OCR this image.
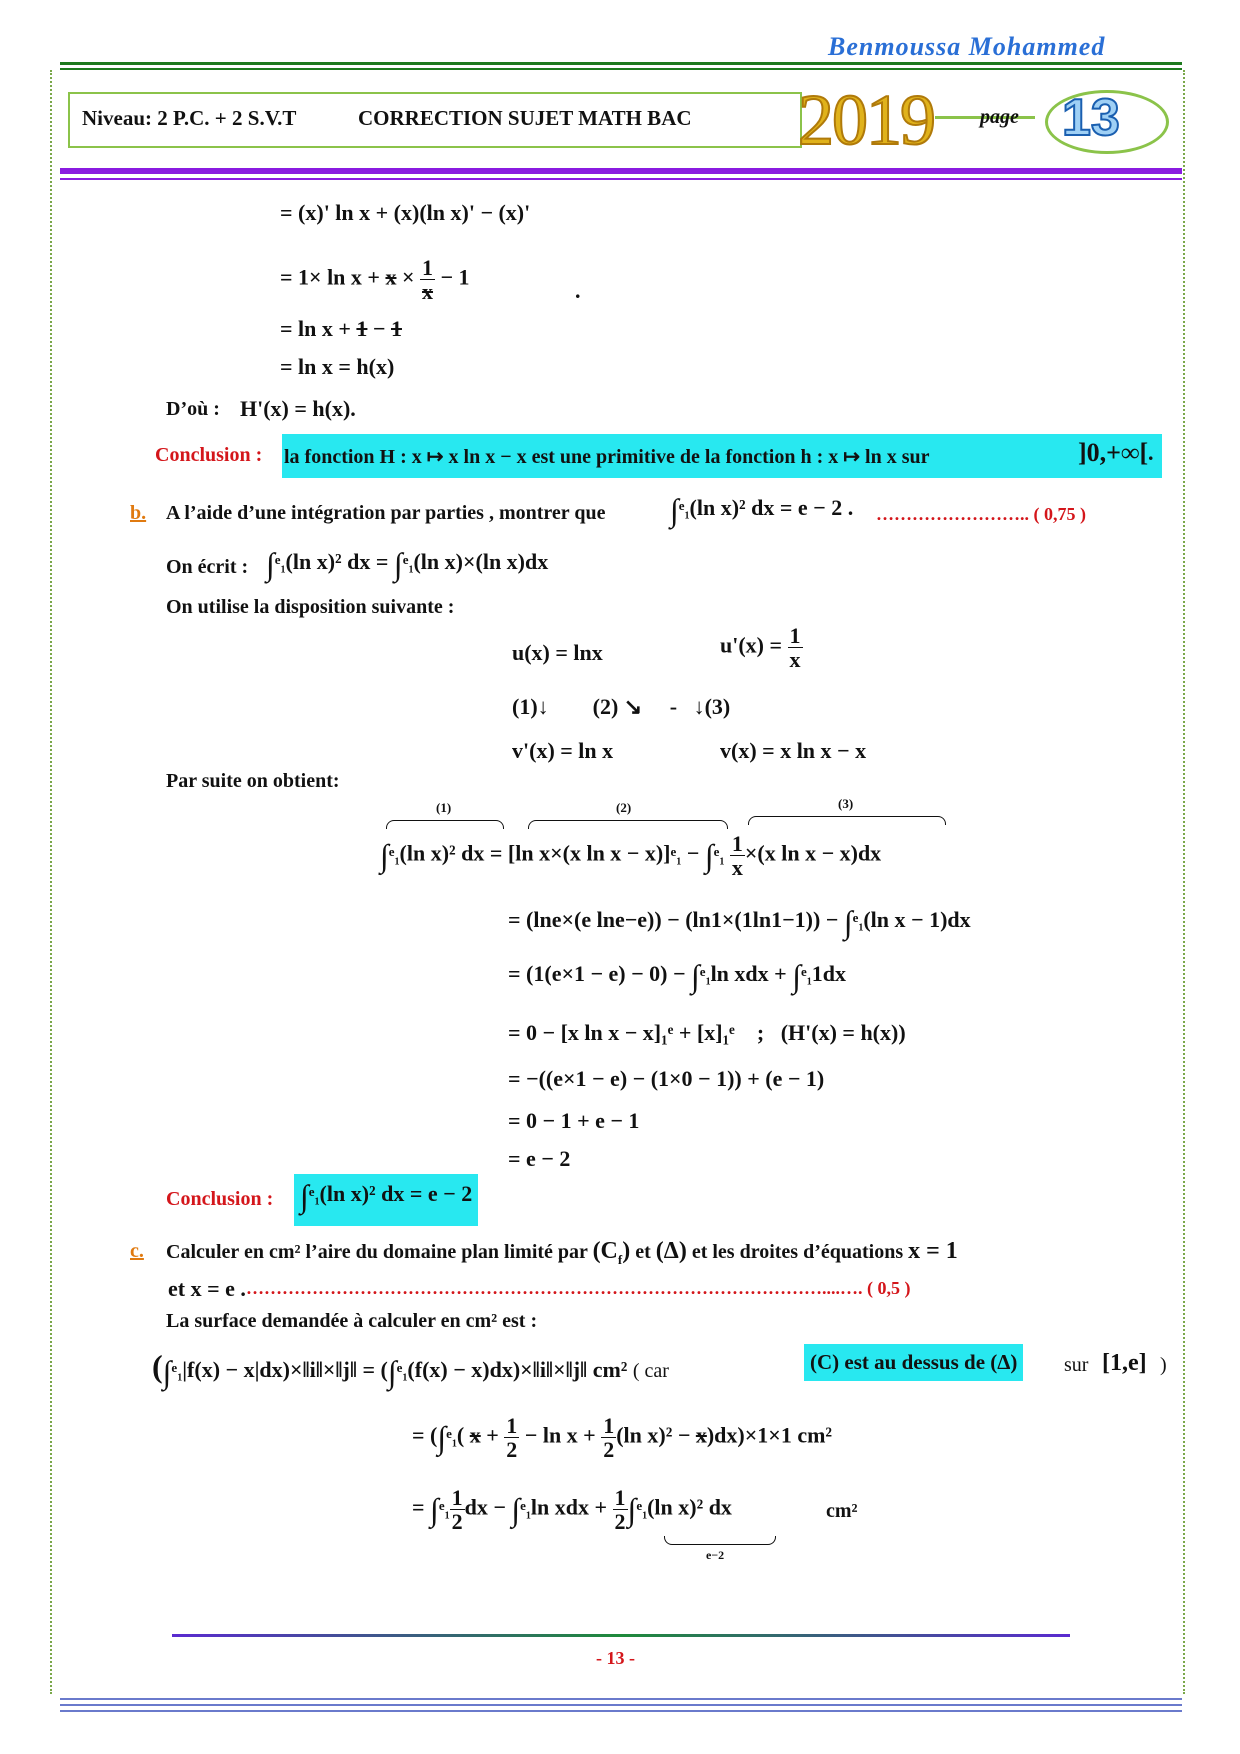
Benmoussa Mohammed
Niveau: 2 P.C. + 2 S.V.T	CORRECTION SUJET MATH BAC 2019 page 13
= (x)' ln x + (x)(ln x)' − (x)'
= $1\times \ln x + x \times \frac{1}{x} - 1$
.
= ln x + 1 − 1
= ln x = h(x)
D’où : H'(x) = h(x).
Conclusion : la fonction H : x ↦ x ln x − x est une primitive de la fonction h : x ↦ ln x sur	]0,+∞[ .
b. A l’aide d’une intégration par parties , montrer que ∫$^e_1$(ln x)² dx = e − 2 . …………………….. ( 0,75 )
On écrit : ∫$^e_1$(ln x)² dx = ∫$^e_1$(ln x)×(ln x)dx
On utilise la disposition suivante :
u(x) = lnx	$u'(x) = \frac{1}{x}$
(1)↓        (2) ↘     -   ↓(3)
v'(x) = ln x	v(x) = x ln x − x
Par suite on obtient:
(1)	(2)	(3)
∫$^e_1$(ln x)² dx = [ln x×(x $\ln x - x)]^e_1 - \int^e_1 \frac{1}{x} \times(x$ ln x − x)dx
= (lne×(e lne−e)) − (ln1×(1ln1−1)) − ∫$^e_1$(ln x − 1)dx
= (1(e×1 − e) − 0) − ∫$^e_1$ln xdx + ∫$^e_1$1dx
= 0 − [x ln x − x]₁ᵉ + [x]₁ᵉ    ;   (H'(x) = h(x))
= −((e×1 − e) − (1×0 − 1)) + (e − 1)
= 0 − 1 + e − 1
= e − 2
Conclusion : ∫$^e_1$(ln x)² dx = e − 2
c. Calculer en cm² l’aire du domaine plan limité par $(C_f)$ et (Δ) et les droites d’équations x = 1
et x = e . ……………………………………………………………………………………....…. ( 0,5 )
La surface demandée à calculer en cm² est :
(∫$^e_1$|f(x) − x|dx)×‖i‖×‖j‖ = (∫$^e_1$(f(x) − x)dx)×‖i‖×‖j‖ cm² ( car	(C) est au dessus de (Δ)	sur [1,e] )
= (∫$^e_1$( $x + \frac{1}{2} - \ln x + \frac{1}{2} (\ln$ x)² − x)dx)×1×1 cm²
= $\int^e_1 \frac{1}{2}$ dx − ∫$^e_1$ln xdx + $\frac{1}{2} \int^e_1(\ln$ x)² dx	cm²
e−2
- 13 -
